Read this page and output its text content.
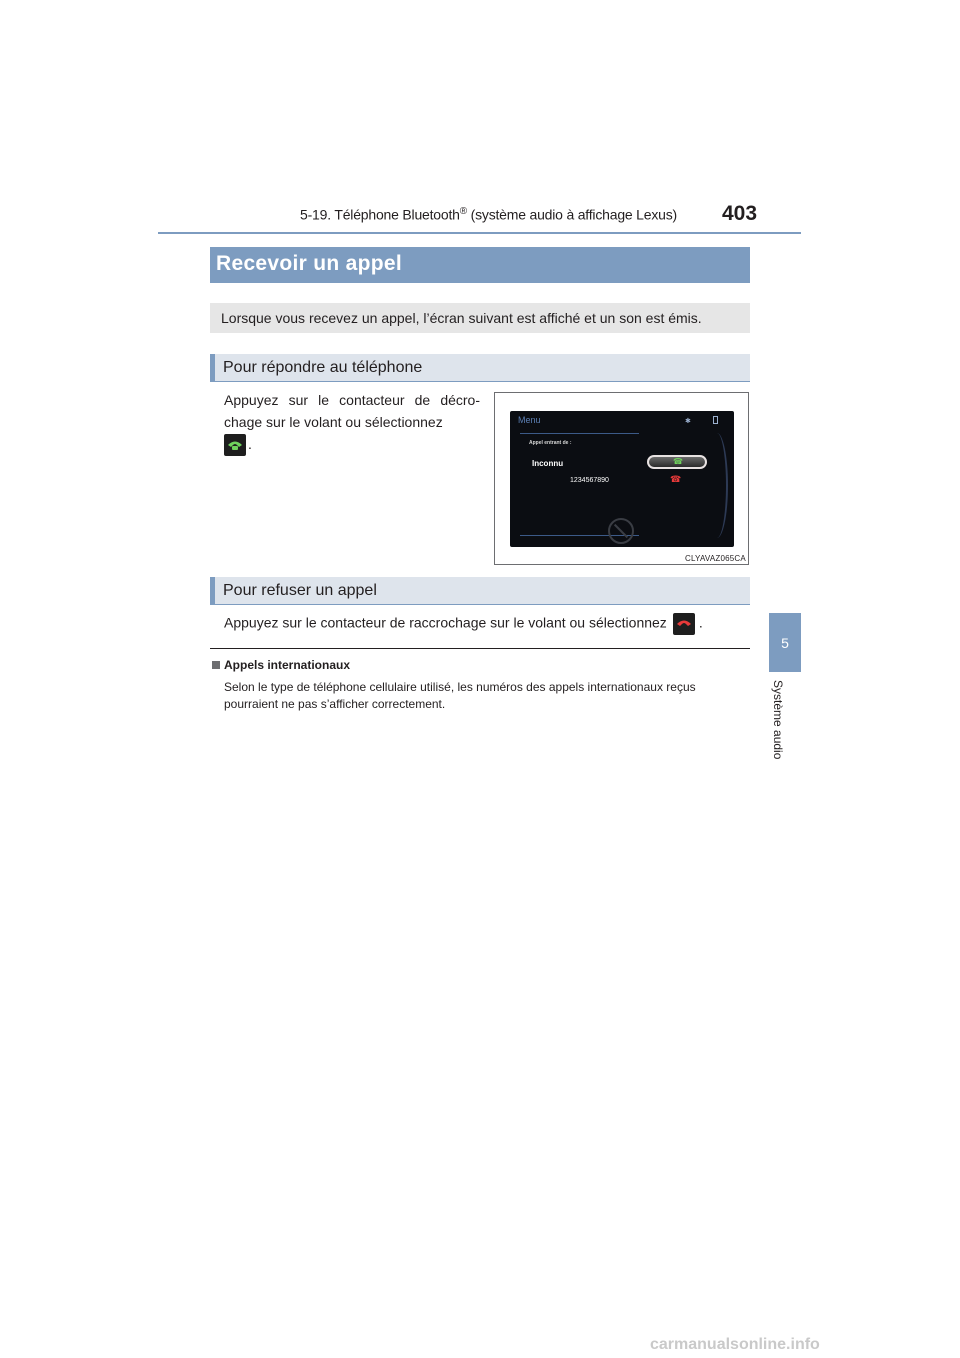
5-19. Téléphone Bluetooth® (système audio à affichage Lexus) 403
5
Système audio
Recevoir un appel
Lorsque vous recevez un appel, l’écran suivant est affiché et un son est émis.
Pour répondre au téléphone
Appuyez sur le contacteur de décro-chage sur le volant ou sélectionnez

.
Menu	✱
Appel entrant de :
Inconnu
1234567890
☎
☎
CLYAVAZ065CA
Pour refuser un appel
Appuyez sur le contacteur de raccrochage sur le volant ou sélectionnez .
Appels internationaux
Selon le type de téléphone cellulaire utilisé, les numéros des appels internationaux reçus pourraient ne pas s’afficher correctement.
carmanualsonline.info
